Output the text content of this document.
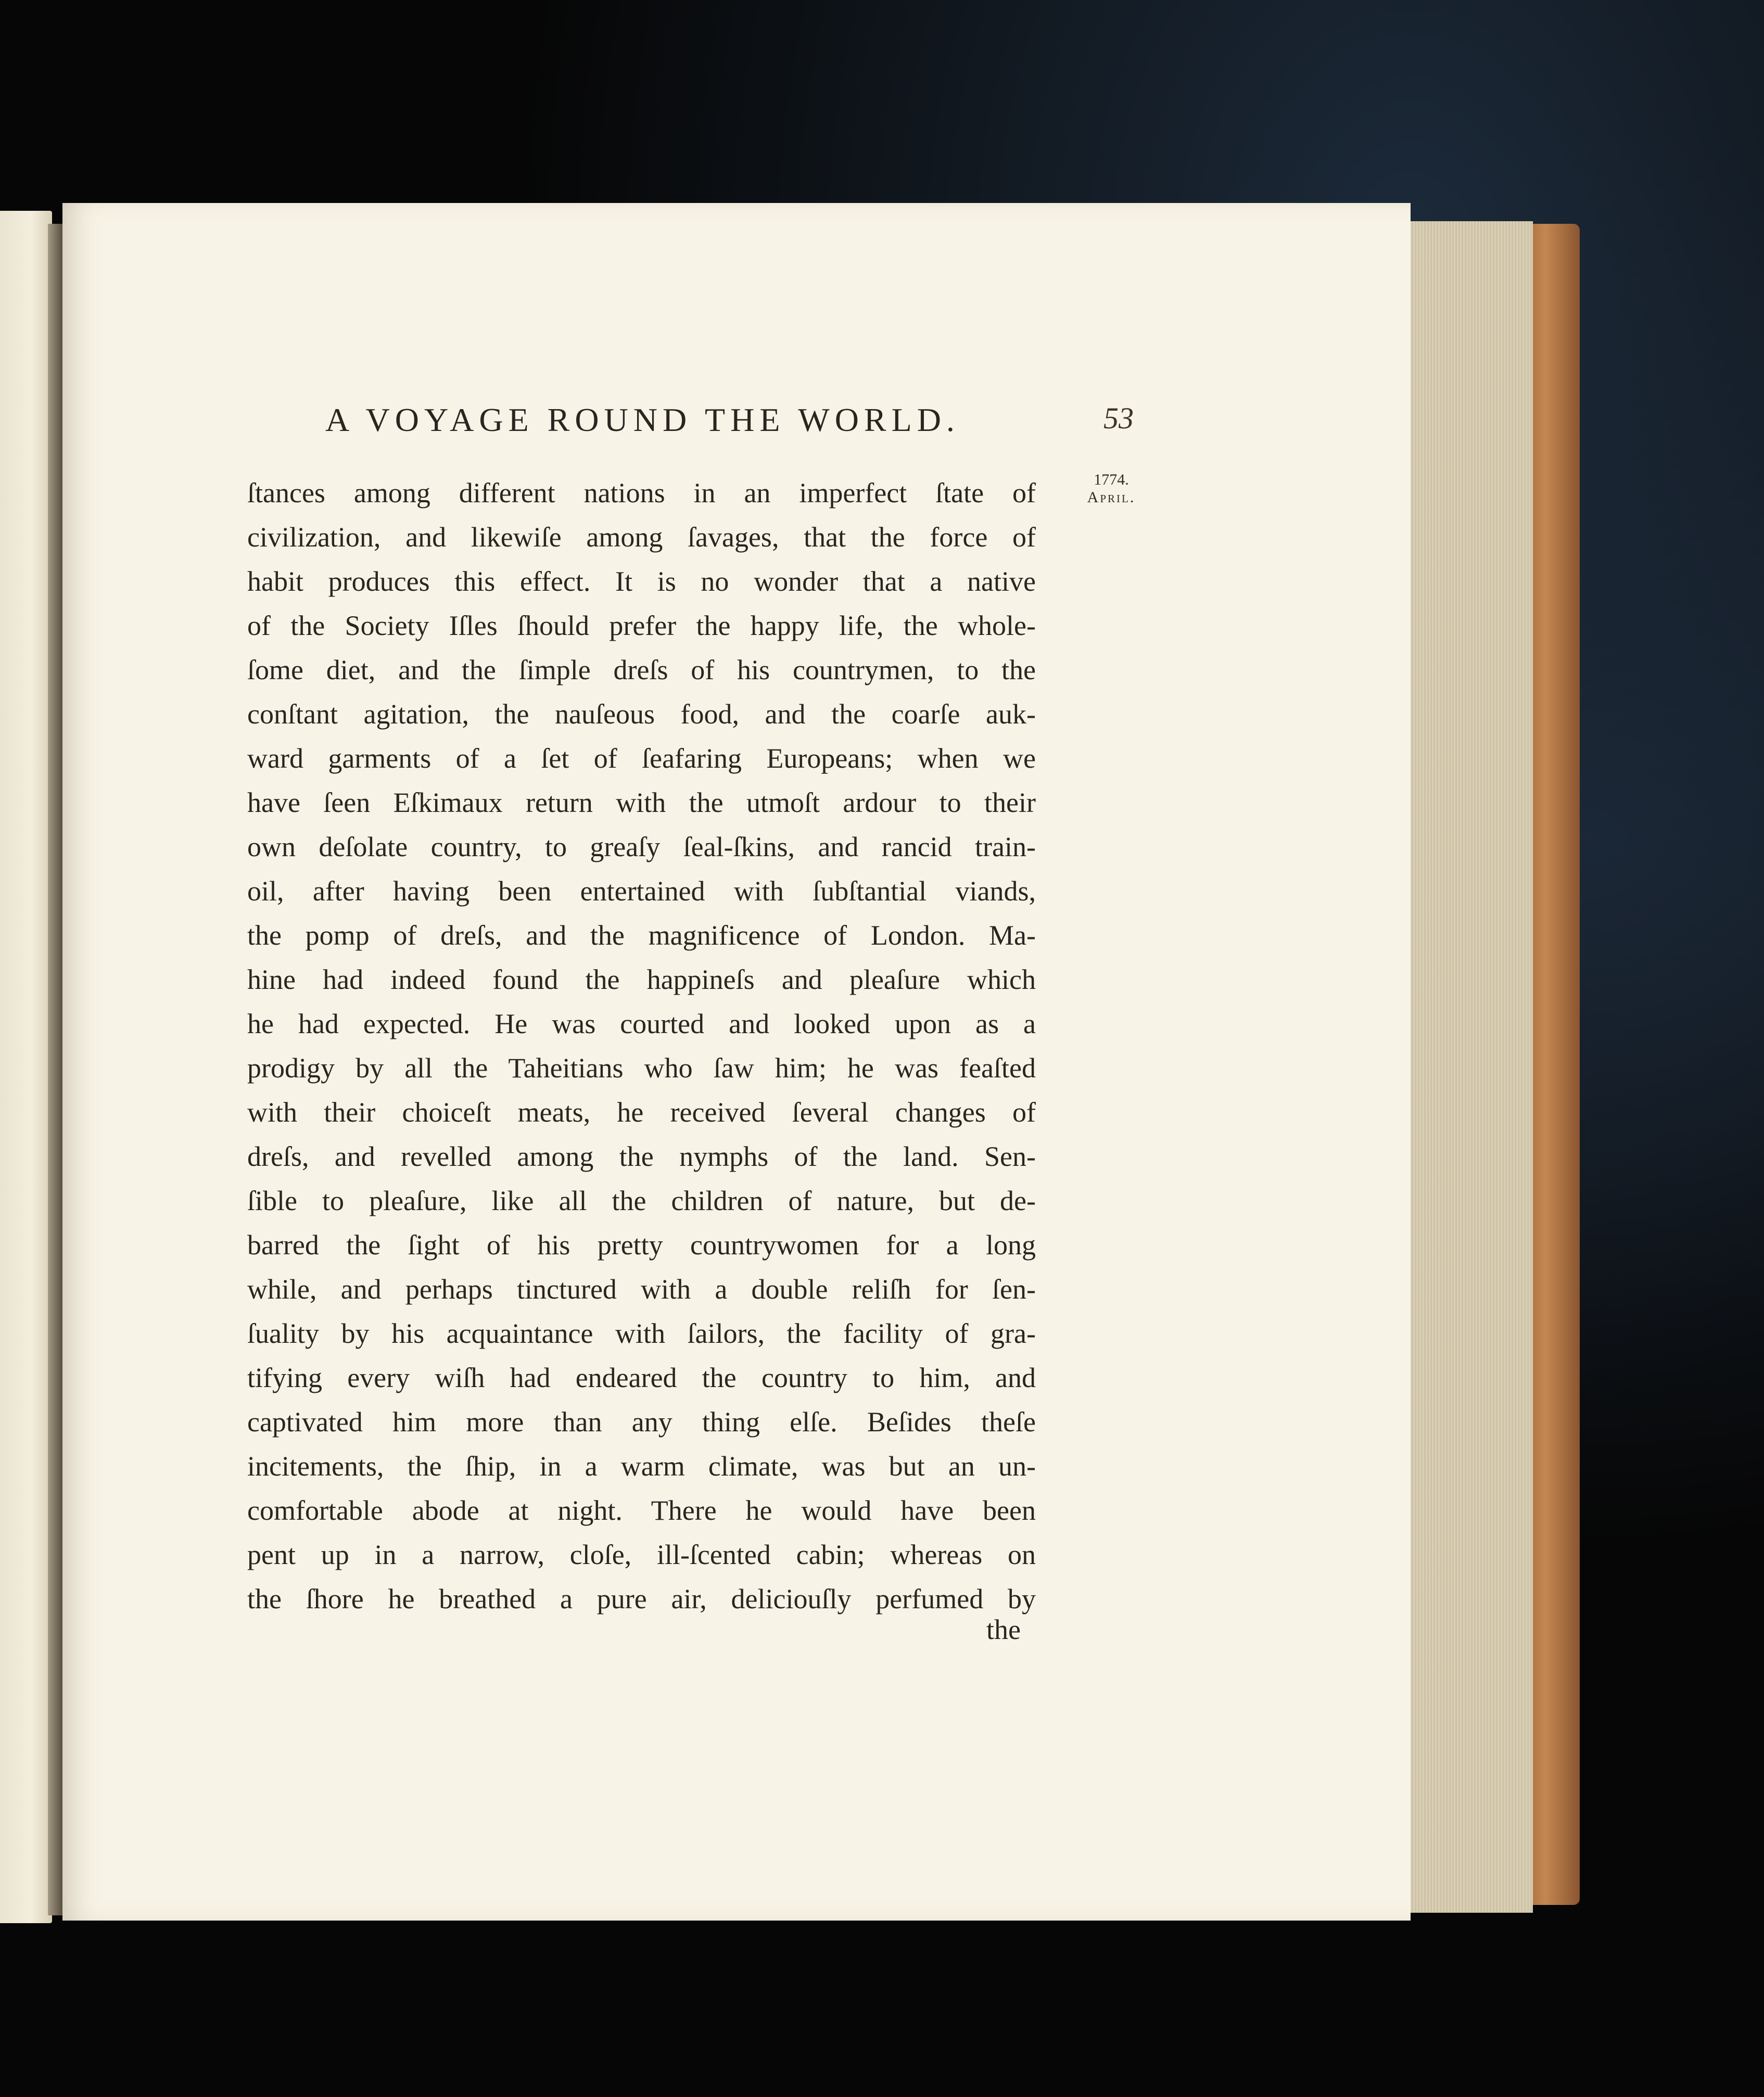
A VOYAGE ROUND THE WORLD.	53
1774.
April.
ſtances among different nations in an imperfect ſtate of
civilization, and likewiſe among ſavages, that the force of
habit produces this effect. It is no wonder that a native
of the Society Iſles ſhould prefer the happy life, the whole-
ſome diet, and the ſimple dreſs of his countrymen, to the
conſtant agitation, the nauſeous food, and the coarſe auk-
ward garments of a ſet of ſeafaring Europeans; when we
have ſeen Eſkimaux return with the utmoſt ardour to their
own deſolate country, to greaſy ſeal-ſkins, and rancid train-
oil, after having been entertained with ſubſtantial viands,
the pomp of dreſs, and the magnificence of London. Ma-
hine had indeed found the happineſs and pleaſure which
he had expected. He was courted and looked upon as a
prodigy by all the Taheitians who ſaw him; he was feaſted
with their choiceſt meats, he received ſeveral changes of
dreſs, and revelled among the nymphs of the land. Sen-
ſible to pleaſure, like all the children of nature, but de-
barred the ſight of his pretty countrywomen for a long
while, and perhaps tinctured with a double reliſh for ſen-
ſuality by his acquaintance with ſailors, the facility of gra-
tifying every wiſh had endeared the country to him, and
captivated him more than any thing elſe. Beſides theſe
incitements, the ſhip, in a warm climate, was but an un-
comfortable abode at night. There he would have been
pent up in a narrow, cloſe, ill-ſcented cabin; whereas on
the ſhore he breathed a pure air, deliciouſly perfumed by
the
